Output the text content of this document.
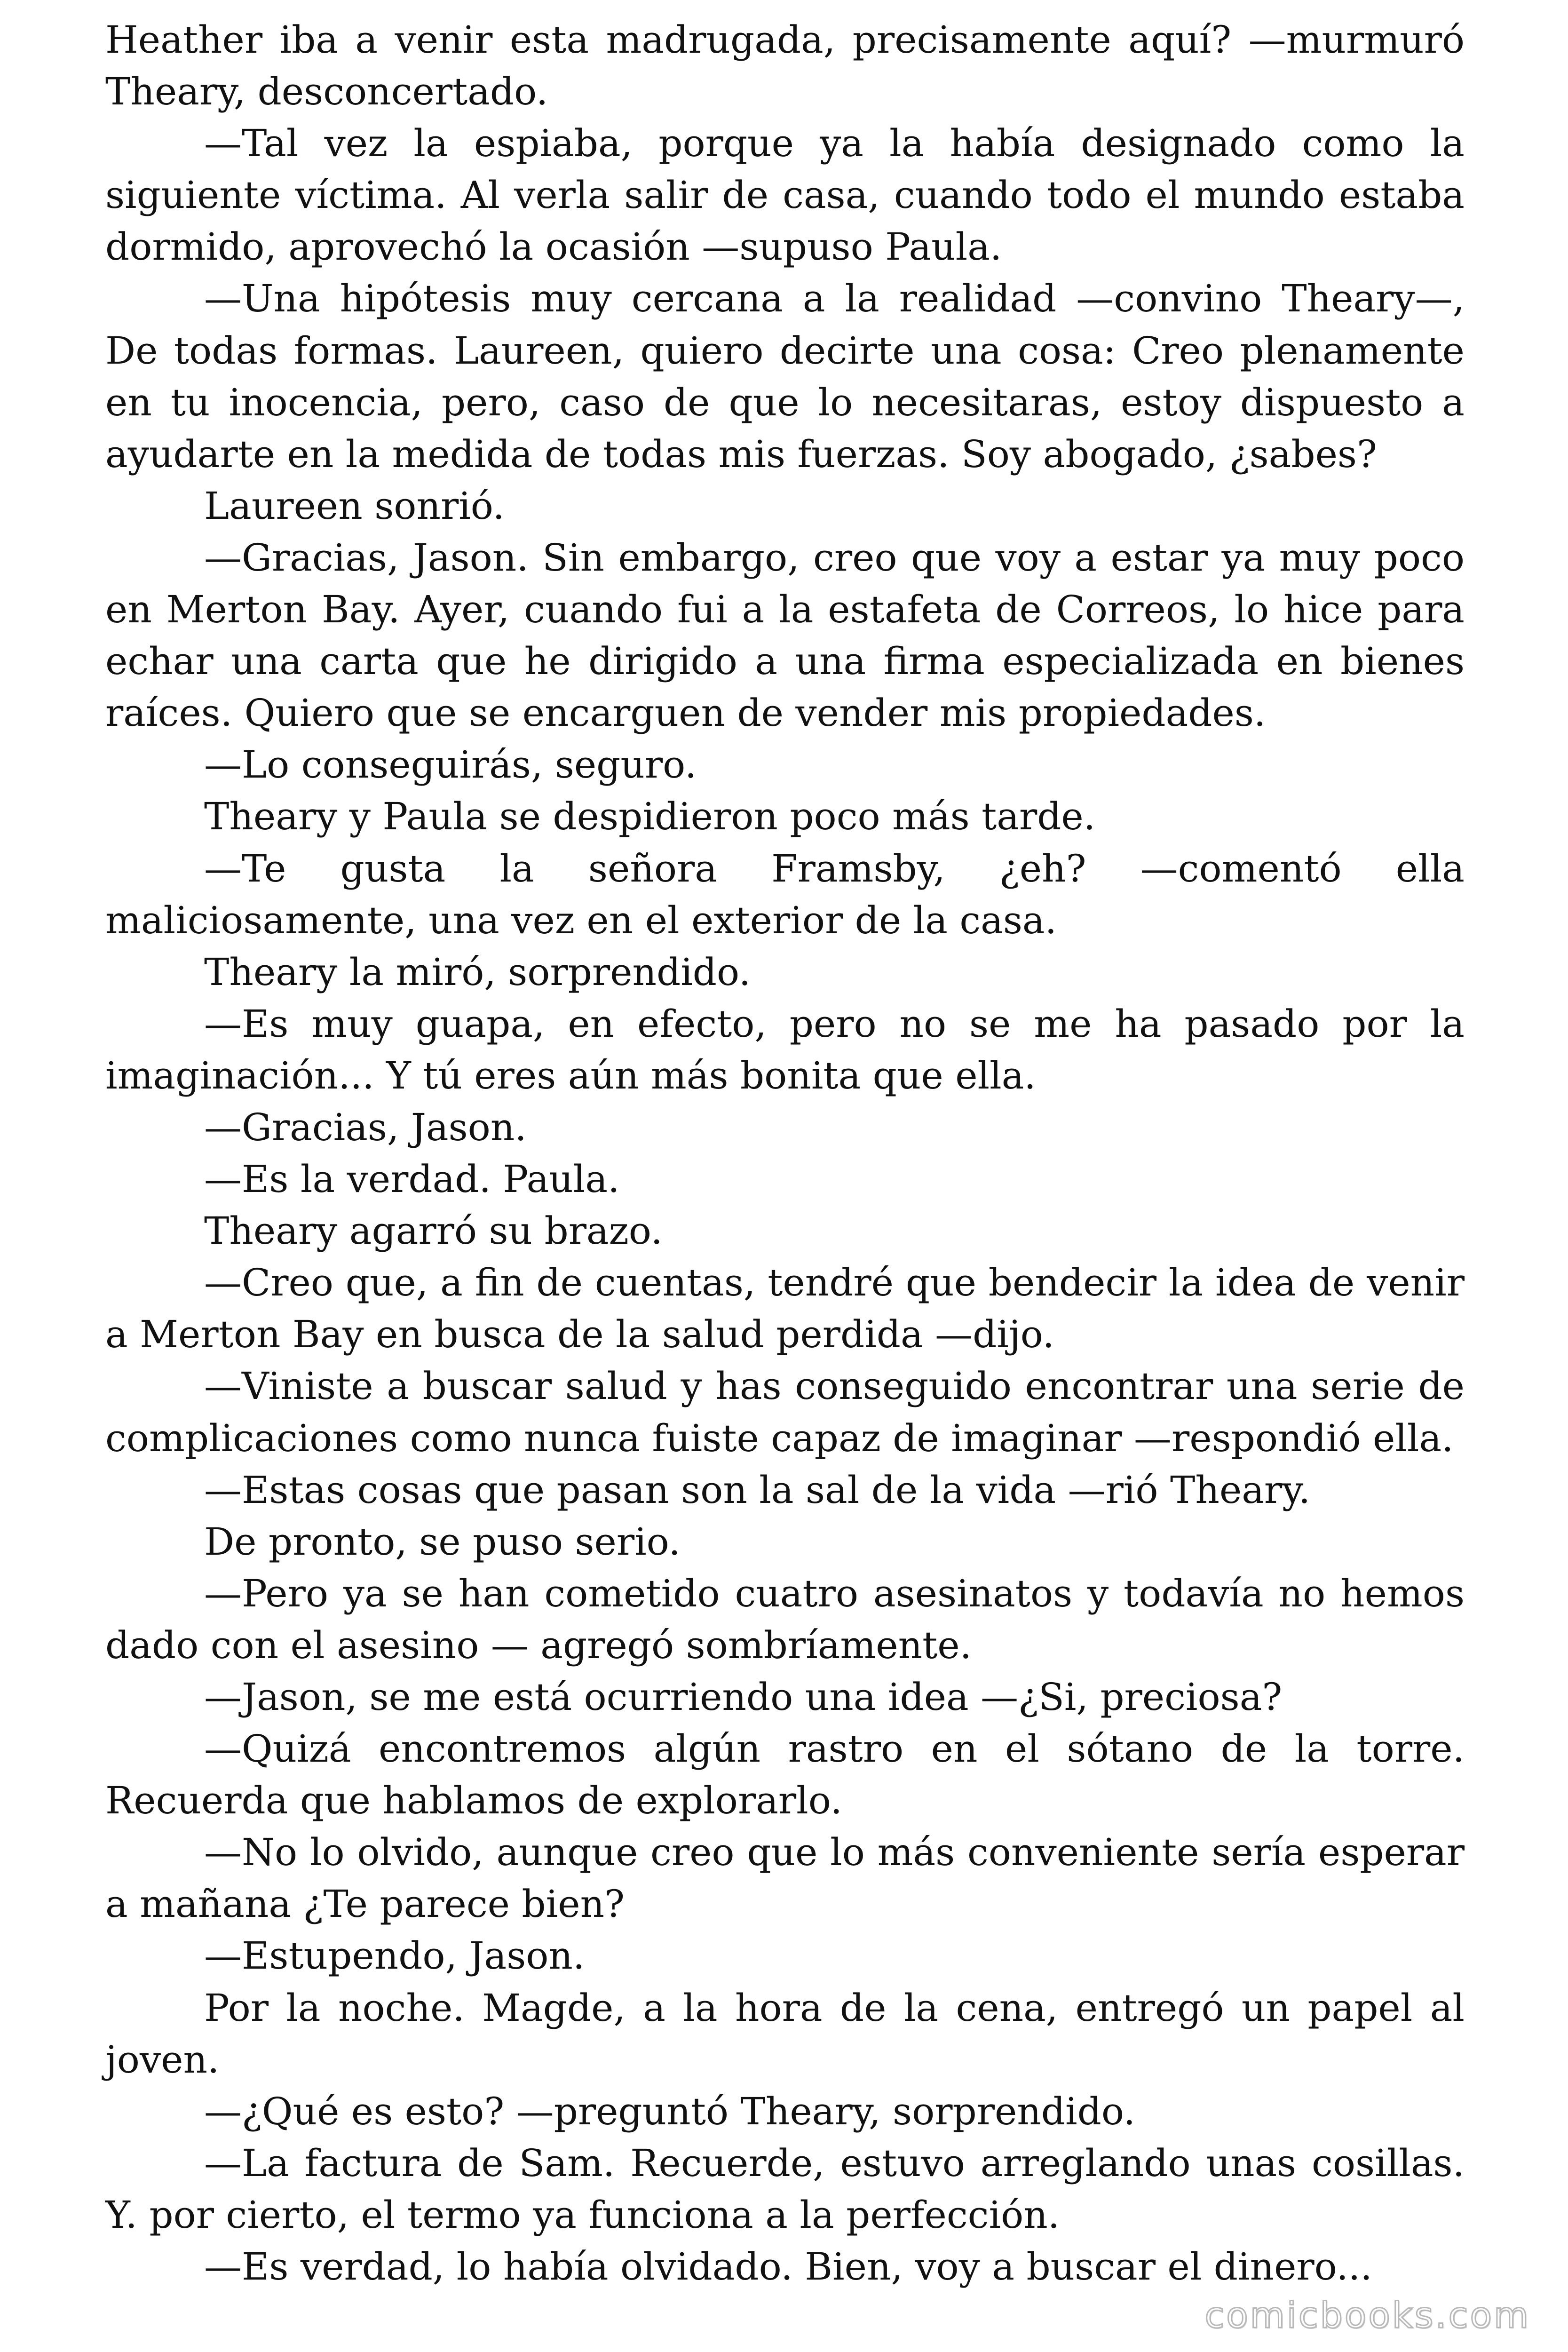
Heather iba a venir esta madrugada, precisamente aquí? —murmuró Theary, desconcertado.

—Tal vez la espiaba, porque ya la había designado como la siguiente víctima. Al verla salir de casa, cuando todo el mundo estaba dormido, aprovechó la ocasión —supuso Paula.

—Una hipótesis muy cercana a la realidad —convino Theary—, De todas formas. Laureen, quiero decirte una cosa: Creo plenamente en tu inocencia, pero, caso de que lo necesitaras, estoy dispuesto a ayudarte en la medida de todas mis fuerzas. Soy abogado, ¿sabes?

Laureen sonrió.

—Gracias, Jason. Sin embargo, creo que voy a estar ya muy poco en Merton Bay. Ayer, cuando fui a la estafeta de Correos, lo hice para echar una carta que he dirigido a una firma especializada en bienes raíces. Quiero que se encarguen de vender mis propiedades.

—Lo conseguirás, seguro.

Theary y Paula se despidieron poco más tarde.

—Te gusta la señora Framsby, ¿eh? —comentó ella maliciosamente, una vez en el exterior de la casa.

Theary la miró, sorprendido.

—Es muy guapa, en efecto, pero no se me ha pasado por la imaginación... Y tú eres aún más bonita que ella.

—Gracias, Jason.

—Es la verdad. Paula.

Theary agarró su brazo.

—Creo que, a fin de cuentas, tendré que bendecir la idea de venir a Merton Bay en busca de la salud perdida —dijo.

—Viniste a buscar salud y has conseguido encontrar una serie de complicaciones como nunca fuiste capaz de imaginar —respondió ella.

—Estas cosas que pasan son la sal de la vida —rió Theary.

De pronto, se puso serio.

—Pero ya se han cometido cuatro asesinatos y todavía no hemos dado con el asesino — agregó sombríamente.

—Jason, se me está ocurriendo una idea —¿Si, preciosa?

—Quizá encontremos algún rastro en el sótano de la torre. Recuerda que hablamos de explorarlo.

—No lo olvido, aunque creo que lo más conveniente sería esperar a mañana ¿Te parece bien?

—Estupendo, Jason.

Por la noche. Magde, a la hora de la cena, entregó un papel al joven.

—¿Qué es esto? —preguntó Theary, sorprendido.

—La factura de Sam. Recuerde, estuvo arreglando unas cosillas. Y. por cierto, el termo ya funciona a la perfección.

—Es verdad, lo había olvidado. Bien, voy a buscar el dinero...

comicbooks.com
